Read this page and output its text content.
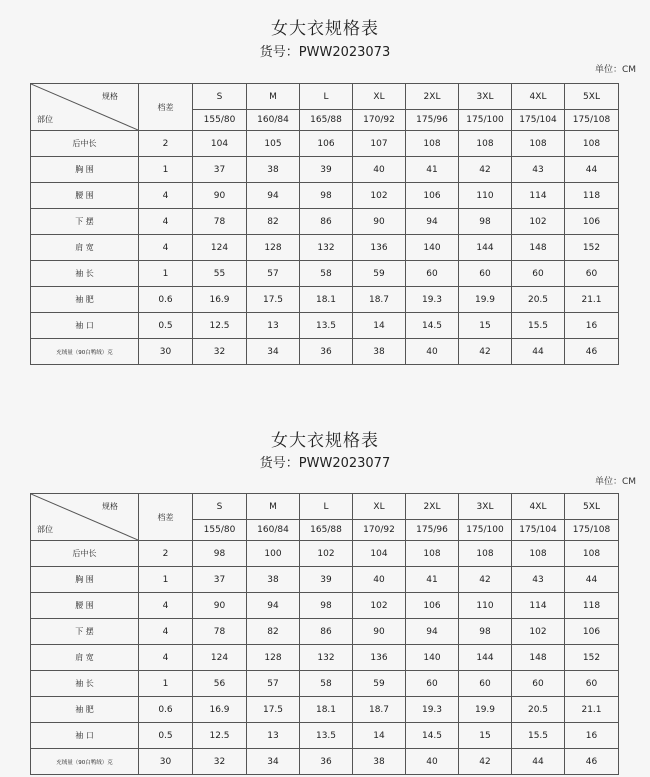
女大衣规格表
货号：PWW2023073
单位：CM
规格
部位	档差	S	M	L	XL	2XL	3XL	4XL	5XL
		155/80	160/84	165/88	170/92	175/96	175/100	175/104	175/108
后中长	2	104	105	106	107	108	108	108	108
胸 围	1	37	38	39	40	41	42	43	44
腰 围	4	90	94	98	102	106	110	114	118
下 摆	4	78	82	86	90	94	98	102	106
肩 宽	4	124	128	132	136	140	144	148	152
袖 长	1	55	57	58	59	60	60	60	60
袖 肥	0.6	16.9	17.5	18.1	18.7	19.3	19.9	20.5	21.1
袖 口	0.5	12.5	13	13.5	14	14.5	15	15.5	16
充绒量（90白鸭绒）克	30	32	34	36	38	40	42	44	46
女大衣规格表
货号：PWW2023077
单位：CM
规格
部位	档差	S	M	L	XL	2XL	3XL	4XL	5XL
		155/80	160/84	165/88	170/92	175/96	175/100	175/104	175/108
后中长	2	98	100	102	104	108	108	108	108
胸 围	1	37	38	39	40	41	42	43	44
腰 围	4	90	94	98	102	106	110	114	118
下 摆	4	78	82	86	90	94	98	102	106
肩 宽	4	124	128	132	136	140	144	148	152
袖 长	1	56	57	58	59	60	60	60	60
袖 肥	0.6	16.9	17.5	18.1	18.7	19.3	19.9	20.5	21.1
袖 口	0.5	12.5	13	13.5	14	14.5	15	15.5	16
充绒量（90白鸭绒）克	30	32	34	36	38	40	42	44	46
